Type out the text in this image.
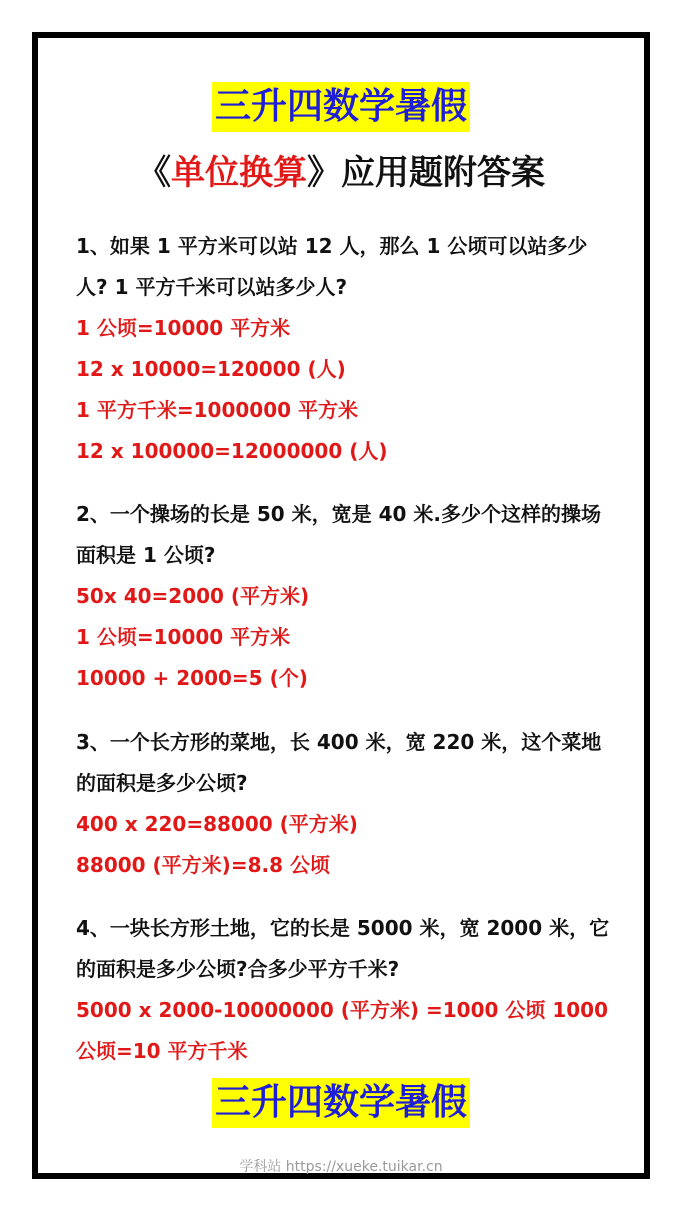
三升四数学暑假
《单位换算》应用题附答案
1、如果 1 平方米可以站 12 人，那么 1 公顷可以站多少人? 1 平方千米可以站多少人?
1 公顷=10000 平方米
12 x 10000=120000 (人)
1 平方千米=1000000 平方米
12 x 100000=12000000 (人)
2、一个操场的长是 50 米，宽是 40 米.多少个这样的操场面积是 1 公顷?
50x 40=2000 (平方米)
1 公顷=10000 平方米
10000 + 2000=5 (个)
3、一个长方形的菜地，长 400 米，宽 220 米，这个菜地的面积是多少公顷?
400 x 220=88000 (平方米)
88000 (平方米)=8.8 公顷
4、一块长方形土地，它的长是 5000 米，宽 2000 米，它的面积是多少公顷?合多少平方千米?
5000 x 2000-10000000 (平方米) =1000 公顷 1000 公顷=10 平方千米
三升四数学暑假
学科站 https://xueke.tuikar.cn
